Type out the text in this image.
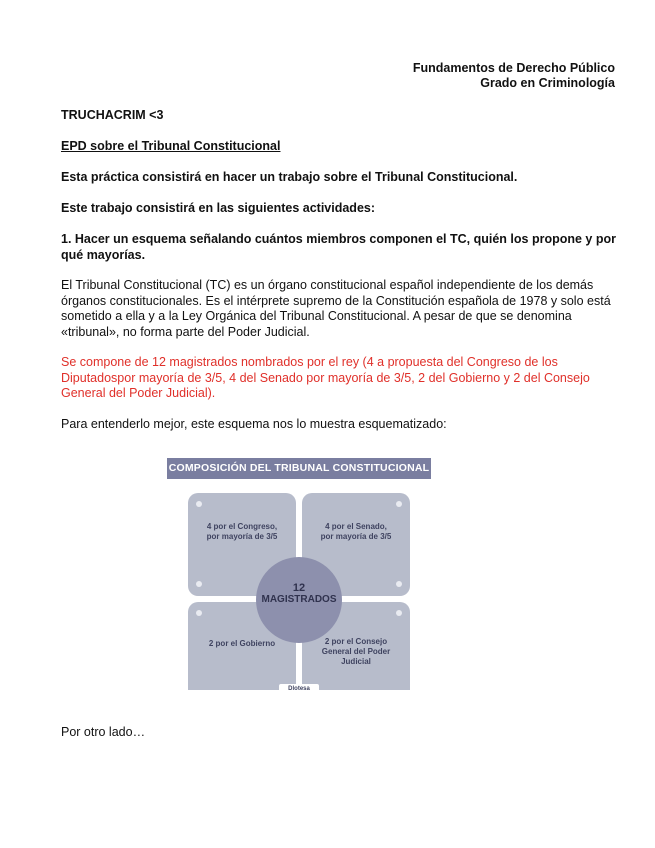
Fundamentos de Derecho Público
Grado en Criminología

TRUCHACRIM <3

EPD sobre el Tribunal Constitucional

Esta práctica consistirá en hacer un trabajo sobre el Tribunal Constitucional.

Este trabajo consistirá en las siguientes actividades:

1. Hacer un esquema señalando cuántos miembros componen el TC, quién los propone y por qué mayorías.

El Tribunal Constitucional (TC) es un órgano constitucional español independiente de los demás órganos constitucionales. Es el intérprete supremo de la Constitución española de 1978 y solo está sometido a ella y a la Ley Orgánica del Tribunal Constitucional. A pesar de que se denomina «tribunal», no forma parte del Poder Judicial.

Se compone de 12 magistrados nombrados por el rey (4 a propuesta del Congreso de los Diputadospor mayoría de 3/5, 4 del Senado por mayoría de 3/5, 2 del Gobierno y 2 del Consejo General del Poder Judicial).

Para entenderlo mejor, este esquema nos lo muestra esquematizado:

COMPOSICIÓN DEL TRIBUNAL CONSTITUCIONAL
4 por el Congreso,
por mayoría de 3/5
4 por el Senado,
por mayoría de 3/5
2 por el Gobierno	2 por el Consejo
General del Poder
Judicial
12
MAGISTRADOS
Dlotesa

Por otro lado…
